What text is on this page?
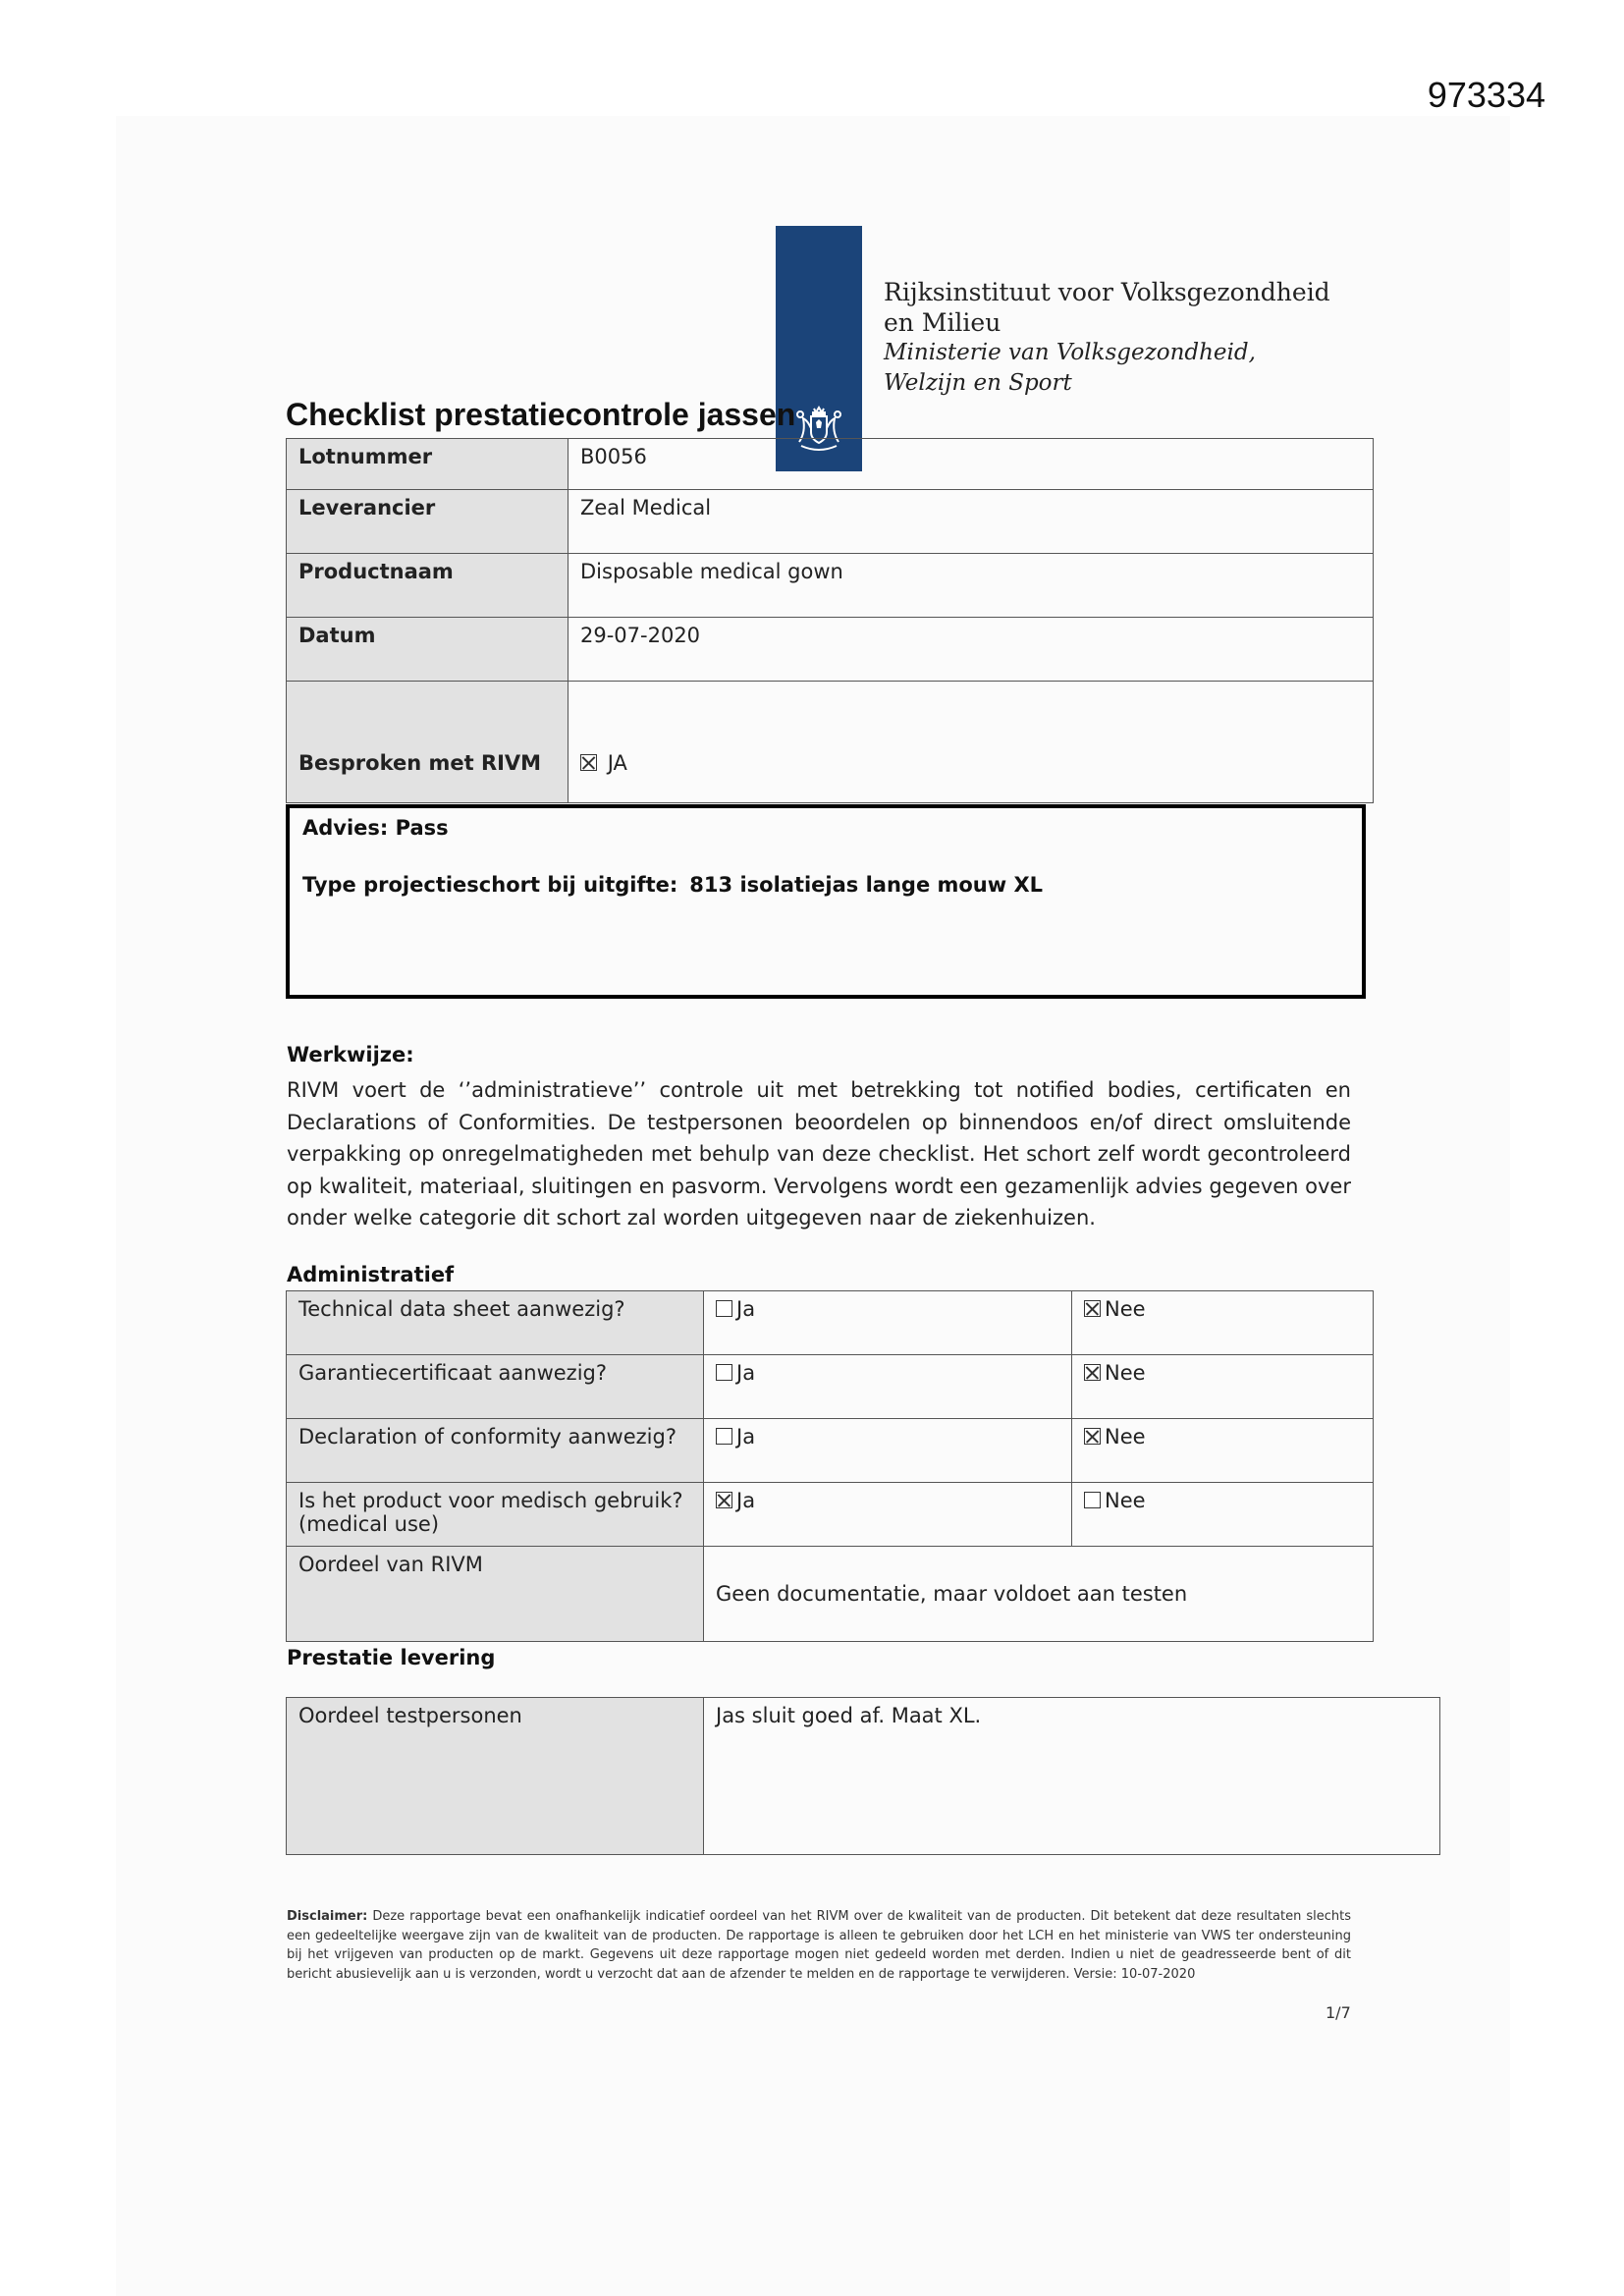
973334
Rijksinstituut voor Volksgezondheid
en Milieu
Ministerie van Volksgezondheid,
Welzijn en Sport
Checklist prestatiecontrole jassen
Lotnummer	B0056
Leverancier	Zeal Medical
Productnaam	Disposable medical gown
Datum	29-07-2020
Besproken met RIVM	JA
Advies: Pass
Type projectieschort bij uitgifte: 813 isolatiejas lange mouw XL
Werkwijze:
RIVM voert de ‘’administratieve’’ controle uit met betrekking tot notified bodies, certificaten en Declarations of Conformities. De testpersonen beoordelen op binnendoos en/of direct omsluitende verpakking op onregelmatigheden met behulp van deze checklist. Het schort zelf wordt gecontroleerd op kwaliteit, materiaal, sluitingen en pasvorm. Vervolgens wordt een gezamenlijk advies gegeven over onder welke categorie dit schort zal worden uitgegeven naar de ziekenhuizen.
Administratief
Technical data sheet aanwezig?	Ja	Nee
Garantiecertificaat aanwezig?	Ja	Nee
Declaration of conformity aanwezig?	Ja	Nee
Is het product voor medisch gebruik? (medical use)	Ja	Nee
Oordeel van RIVM	Geen documentatie, maar voldoet aan testen	
Prestatie levering
Oordeel testpersonen	Jas sluit goed af. Maat XL.
Disclaimer: Deze rapportage bevat een onafhankelijk indicatief oordeel van het RIVM over de kwaliteit van de producten. Dit betekent dat deze resultaten slechts een gedeeltelijke weergave zijn van de kwaliteit van de producten. De rapportage is alleen te gebruiken door het LCH en het ministerie van VWS ter ondersteuning bij het vrijgeven van producten op de markt. Gegevens uit deze rapportage mogen niet gedeeld worden met derden. Indien u niet de geadresseerde bent of dit bericht abusievelijk aan u is verzonden, wordt u verzocht dat aan de afzender te melden en de rapportage te verwijderen. Versie: 10-07-2020
1/7
